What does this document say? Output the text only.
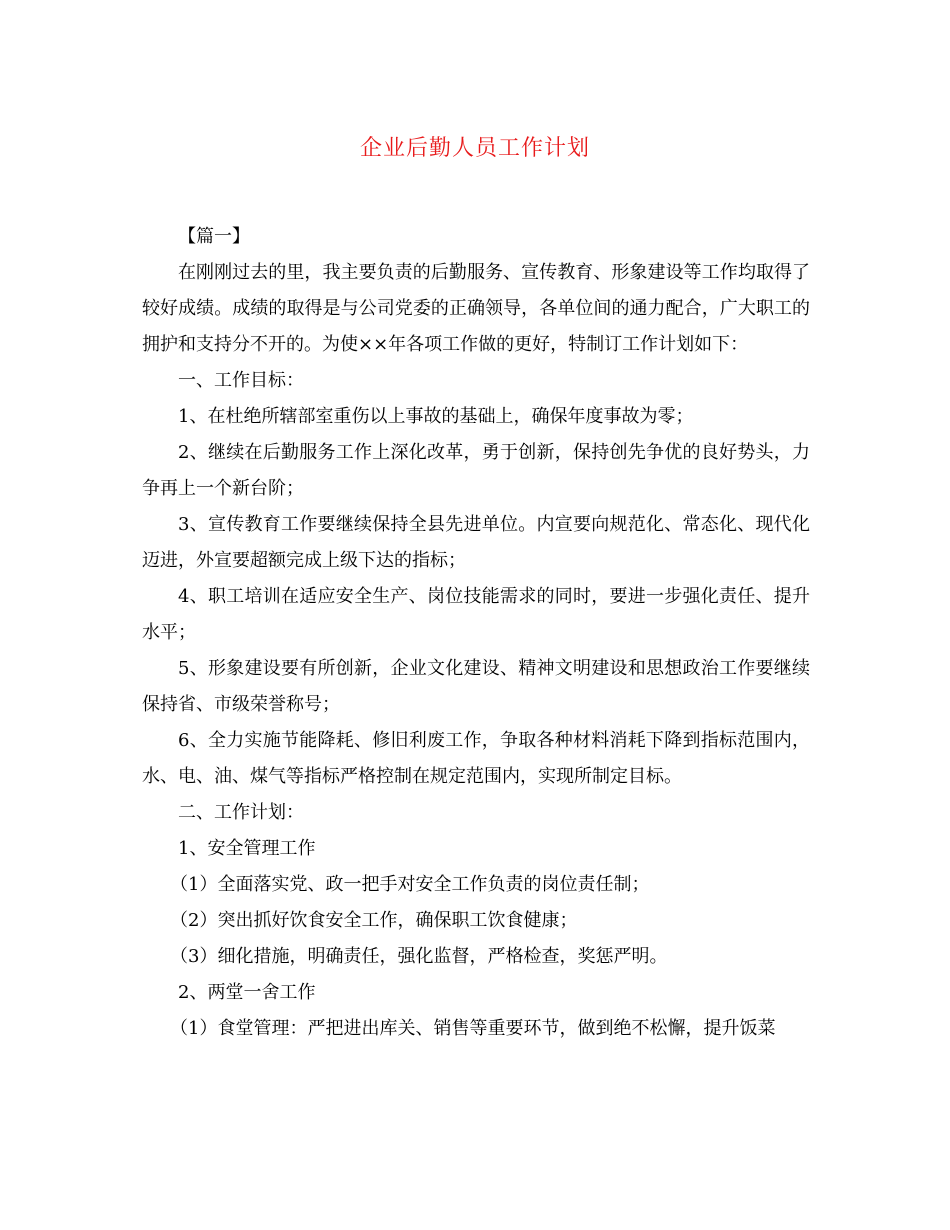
企业后勤人员工作计划

【篇一】

在刚刚过去的里，我主要负责的后勤服务、宣传教育、形象建设等工作均取得了较好成绩。成绩的取得是与公司党委的正确领导，各单位间的通力配合，广大职工的拥护和支持分不开的。为使××年各项工作做的更好，特制订工作计划如下：

一、工作目标：

1、在杜绝所辖部室重伤以上事故的基础上，确保年度事故为零；

2、继续在后勤服务工作上深化改革，勇于创新，保持创先争优的良好势头，力争再上一个新台阶；

3、宣传教育工作要继续保持全县先进单位。内宣要向规范化、常态化、现代化迈进，外宣要超额完成上级下达的指标；

4、职工培训在适应安全生产、岗位技能需求的同时，要进一步强化责任、提升水平；

5、形象建设要有所创新，企业文化建设、精神文明建设和思想政治工作要继续保持省、市级荣誉称号；

6、全力实施节能降耗、修旧利废工作，争取各种材料消耗下降到指标范围内，水、电、油、煤气等指标严格控制在规定范围内，实现所制定目标。

二、工作计划：

1、安全管理工作

（1）全面落实党、政一把手对安全工作负责的岗位责任制；

（2）突出抓好饮食安全工作，确保职工饮食健康；

（3）细化措施，明确责任，强化监督，严格检查，奖惩严明。

2、两堂一舍工作

（1）食堂管理：严把进出库关、销售等重要环节，做到绝不松懈，提升饭菜
